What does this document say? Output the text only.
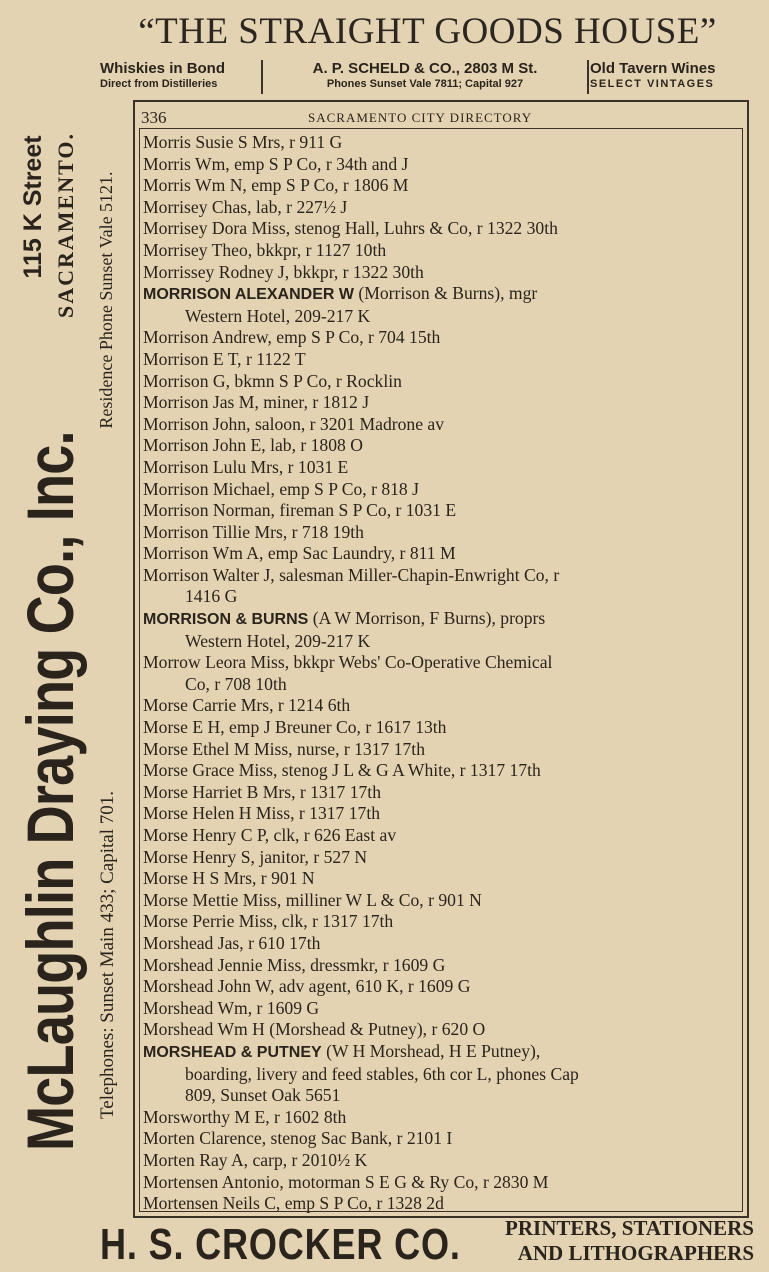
“THE STRAIGHT GOODS HOUSE”
Whiskies in Bond
Direct from Distilleries
A. P. SCHELD & CO., 2803 M St.
Phones Sunset Vale 7811; Capital 927
Old Tavern Wines
SELECT VINTAGES
McLaughlin Draying Co., Inc. Telephones: Sunset Main 433; Capital 701.
115 K Street SACRAMENTO. Residence Phone Sunset Vale 5121.
336	SACRAMENTO CITY DIRECTORY
Morris Susie S Mrs, r 911 G
Morris Wm, emp S P Co, r 34th and J
Morris Wm N, emp S P Co, r 1806 M
Morrisey Chas, lab, r 227½ J
Morrisey Dora Miss, stenog Hall, Luhrs & Co, r 1322 30th
Morrisey Theo, bkkpr, r 1127 10th
Morrissey Rodney J, bkkpr, r 1322 30th
MORRISON ALEXANDER W (Morrison & Burns), mgr
Western Hotel, 209-217 K
Morrison Andrew, emp S P Co, r 704 15th
Morrison E T, r 1122 T
Morrison G, bkmn S P Co, r Rocklin
Morrison Jas M, miner, r 1812 J
Morrison John, saloon, r 3201 Madrone av
Morrison John E, lab, r 1808 O
Morrison Lulu Mrs, r 1031 E
Morrison Michael, emp S P Co, r 818 J
Morrison Norman, fireman S P Co, r 1031 E
Morrison Tillie Mrs, r 718 19th
Morrison Wm A, emp Sac Laundry, r 811 M
Morrison Walter J, salesman Miller-Chapin-Enwright Co, r
1416 G
MORRISON & BURNS (A W Morrison, F Burns), proprs
Western Hotel, 209-217 K
Morrow Leora Miss, bkkpr Webs' Co-Operative Chemical
Co, r 708 10th
Morse Carrie Mrs, r 1214 6th
Morse E H, emp J Breuner Co, r 1617 13th
Morse Ethel M Miss, nurse, r 1317 17th
Morse Grace Miss, stenog J L & G A White, r 1317 17th
Morse Harriet B Mrs, r 1317 17th
Morse Helen H Miss, r 1317 17th
Morse Henry C P, clk, r 626 East av
Morse Henry S, janitor, r 527 N
Morse H S Mrs, r 901 N
Morse Mettie Miss, milliner W L & Co, r 901 N
Morse Perrie Miss, clk, r 1317 17th
Morshead Jas, r 610 17th
Morshead Jennie Miss, dressmkr, r 1609 G
Morshead John W, adv agent, 610 K, r 1609 G
Morshead Wm, r 1609 G
Morshead Wm H (Morshead & Putney), r 620 O
MORSHEAD & PUTNEY (W H Morshead, H E Putney),
boarding, livery and feed stables, 6th cor L, phones Cap
809, Sunset Oak 5651
Morsworthy M E, r 1602 8th
Morten Clarence, stenog Sac Bank, r 2101 I
Morten Ray A, carp, r 2010½ K
Mortensen Antonio, motorman S E G & Ry Co, r 2830 M
Mortensen Neils C, emp S P Co, r 1328 2d
H. S. CROCKER CO.	PRINTERS, STATIONERS
AND LITHOGRAPHERS
